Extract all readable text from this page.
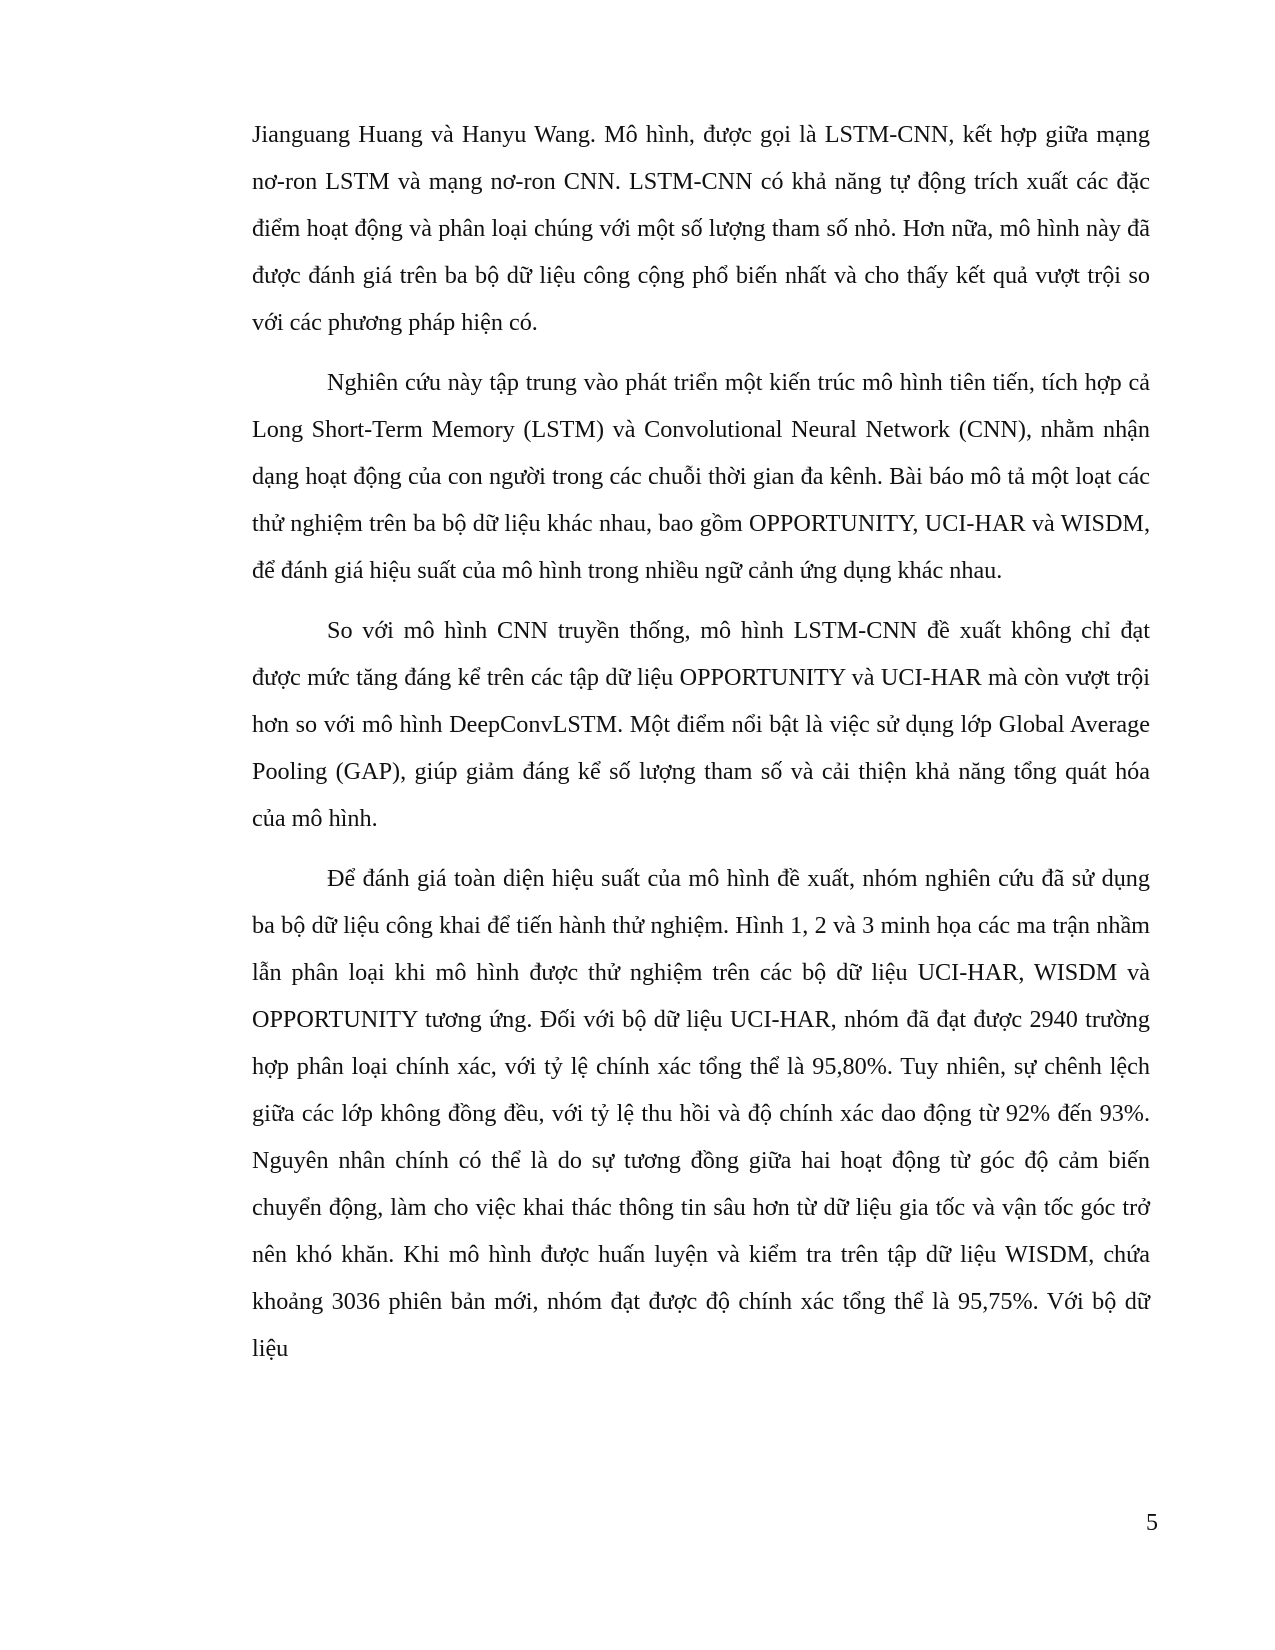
Jianguang Huang và Hanyu Wang. Mô hình, được gọi là LSTM-CNN, kết hợp giữa mạng nơ-ron LSTM và mạng nơ-ron CNN. LSTM-CNN có khả năng tự động trích xuất các đặc điểm hoạt động và phân loại chúng với một số lượng tham số nhỏ. Hơn nữa, mô hình này đã được đánh giá trên ba bộ dữ liệu công cộng phổ biến nhất và cho thấy kết quả vượt trội so với các phương pháp hiện có.

Nghiên cứu này tập trung vào phát triển một kiến trúc mô hình tiên tiến, tích hợp cả Long Short-Term Memory (LSTM) và Convolutional Neural Network (CNN), nhằm nhận dạng hoạt động của con người trong các chuỗi thời gian đa kênh. Bài báo mô tả một loạt các thử nghiệm trên ba bộ dữ liệu khác nhau, bao gồm OPPORTUNITY, UCI-HAR và WISDM, để đánh giá hiệu suất của mô hình trong nhiều ngữ cảnh ứng dụng khác nhau.

So với mô hình CNN truyền thống, mô hình LSTM-CNN đề xuất không chỉ đạt được mức tăng đáng kể trên các tập dữ liệu OPPORTUNITY và UCI-HAR mà còn vượt trội hơn so với mô hình DeepConvLSTM. Một điểm nổi bật là việc sử dụng lớp Global Average Pooling (GAP), giúp giảm đáng kể số lượng tham số và cải thiện khả năng tổng quát hóa của mô hình.

Để đánh giá toàn diện hiệu suất của mô hình đề xuất, nhóm nghiên cứu đã sử dụng ba bộ dữ liệu công khai để tiến hành thử nghiệm. Hình 1, 2 và 3 minh họa các ma trận nhầm lẫn phân loại khi mô hình được thử nghiệm trên các bộ dữ liệu UCI-HAR, WISDM và OPPORTUNITY tương ứng. Đối với bộ dữ liệu UCI-HAR, nhóm đã đạt được 2940 trường hợp phân loại chính xác, với tỷ lệ chính xác tổng thể là 95,80%. Tuy nhiên, sự chênh lệch giữa các lớp không đồng đều, với tỷ lệ thu hồi và độ chính xác dao động từ 92% đến 93%. Nguyên nhân chính có thể là do sự tương đồng giữa hai hoạt động từ góc độ cảm biến chuyển động, làm cho việc khai thác thông tin sâu hơn từ dữ liệu gia tốc và vận tốc góc trở nên khó khăn. Khi mô hình được huấn luyện và kiểm tra trên tập dữ liệu WISDM, chứa khoảng 3036 phiên bản mới, nhóm đạt được độ chính xác tổng thể là 95,75%. Với bộ dữ liệu

5
